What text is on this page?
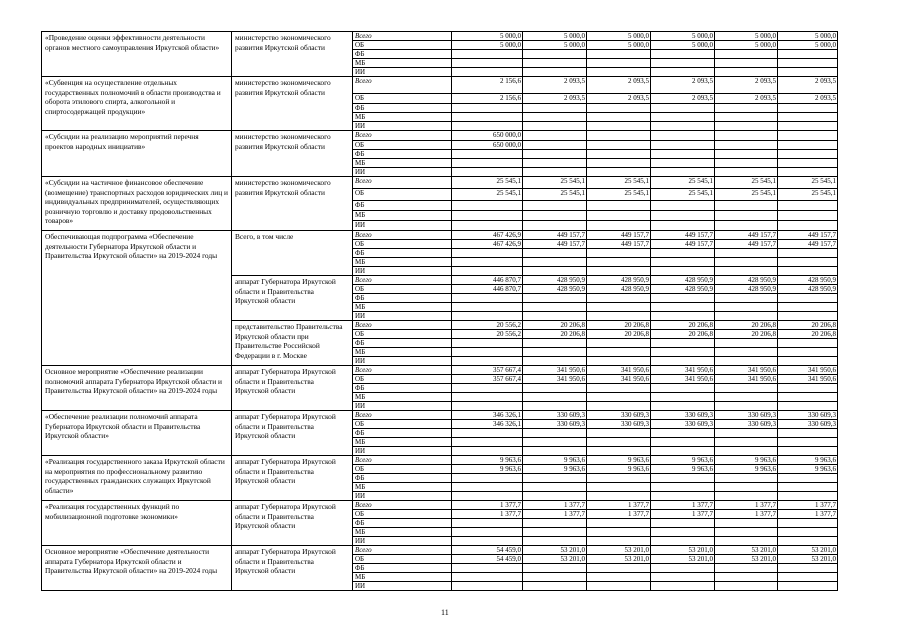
«Проведение оценки эффективности деятельности органов местного самоуправления Иркутской области»	министерство экономического развития Иркутской области	Всего	5 000,0	5 000,0	5 000,0	5 000,0	5 000,0	5 000,0
		ОБ	5 000,0	5 000,0	5 000,0	5 000,0	5 000,0	5 000,0
		ФБ						
		МБ						
		ИИ						
«Субвенция на осуществление отдельных государственных полномочий в области производства и оборота этилового спирта, алкогольной и спиртосодержащей продукции»	министерство экономического развития Иркутской области	Всего	2 156,6	2 093,5	2 093,5	2 093,5	2 093,5	2 093,5
		ОБ	2 156,6	2 093,5	2 093,5	2 093,5	2 093,5	2 093,5
		ФБ						
		МБ						
		ИИ						
«Субсидии на реализацию мероприятий перечня проектов народных инициатив»	министерство экономического развития Иркутской области	Всего	650 000,0					
		ОБ	650 000,0					
		ФБ						
		МБ						
		ИИ						
«Субсидии на частичное финансовое обеспечение (возмещение) транспортных расходов юридических лиц и индивидуальных предпринимателей, осуществляющих розничную торговлю и доставку продовольственных товаров»	министерство экономического развития Иркутской области	Всего	25 545,1	25 545,1	25 545,1	25 545,1	25 545,1	25 545,1
		ОБ	25 545,1	25 545,1	25 545,1	25 545,1	25 545,1	25 545,1
		ФБ						
		МБ						
		ИИ						
Обеспечивающая подпрограмма «Обеспечение деятельности Губернатора Иркутской области и Правительства Иркутской области» на 2019-2024 годы	Всего, в том числе	Всего	467 426,9	449 157,7	449 157,7	449 157,7	449 157,7	449 157,7
		ОБ	467 426,9	449 157,7	449 157,7	449 157,7	449 157,7	449 157,7
		ФБ						
		МБ						
		ИИ						
	аппарат Губернатора Иркутской области и Правительства Иркутской области	Всего	446 870,7	428 950,9	428 950,9	428 950,9	428 950,9	428 950,9
		ОБ	446 870,7	428 950,9	428 950,9	428 950,9	428 950,9	428 950,9
		ФБ						
		МБ						
		ИИ						
	представительство Правительства Иркутской области при Правительстве Российской Федерации в г. Москве	Всего	20 556,2	20 206,8	20 206,8	20 206,8	20 206,8	20 206,8
		ОБ	20 556,2	20 206,8	20 206,8	20 206,8	20 206,8	20 206,8
		ФБ						
		МБ						
		ИИ						
Основное мероприятие «Обеспечение реализации полномочий аппарата Губернатора Иркутской области и Правительства Иркутской области» на 2019-2024 годы	аппарат Губернатора Иркутской области и Правительства Иркутской области	Всего	357 667,4	341 950,6	341 950,6	341 950,6	341 950,6	341 950,6
		ОБ	357 667,4	341 950,6	341 950,6	341 950,6	341 950,6	341 950,6
		ФБ						
		МБ						
		ИИ						
«Обеспечение реализации полномочий аппарата Губернатора Иркутской области и Правительства Иркутской области»	аппарат Губернатора Иркутской области и Правительства Иркутской области	Всего	346 326,1	330 609,3	330 609,3	330 609,3	330 609,3	330 609,3
		ОБ	346 326,1	330 609,3	330 609,3	330 609,3	330 609,3	330 609,3
		ФБ						
		МБ						
		ИИ						
«Реализация государственного заказа Иркутской области на мероприятия по профессиональному развитию государственных гражданских служащих Иркутской области»	аппарат Губернатора Иркутской области и Правительства Иркутской области	Всего	9 963,6	9 963,6	9 963,6	9 963,6	9 963,6	9 963,6
		ОБ	9 963,6	9 963,6	9 963,6	9 963,6	9 963,6	9 963,6
		ФБ						
		МБ						
		ИИ						
«Реализация государственных функций по мобилизационной подготовке экономики»	аппарат Губернатора Иркутской области и Правительства Иркутской области	Всего	1 377,7	1 377,7	1 377,7	1 377,7	1 377,7	1 377,7
		ОБ	1 377,7	1 377,7	1 377,7	1 377,7	1 377,7	1 377,7
		ФБ						
		МБ						
		ИИ						
Основное мероприятие «Обеспечение деятельности аппарата Губернатора Иркутской области и Правительства Иркутской области» на 2019-2024 годы	аппарат Губернатора Иркутской области и Правительства Иркутской области	Всего	54 459,0	53 201,0	53 201,0	53 201,0	53 201,0	53 201,0
		ОБ	54 459,0	53 201,0	53 201,0	53 201,0	53 201,0	53 201,0
		ФБ						
		МБ						
		ИИ						
11
